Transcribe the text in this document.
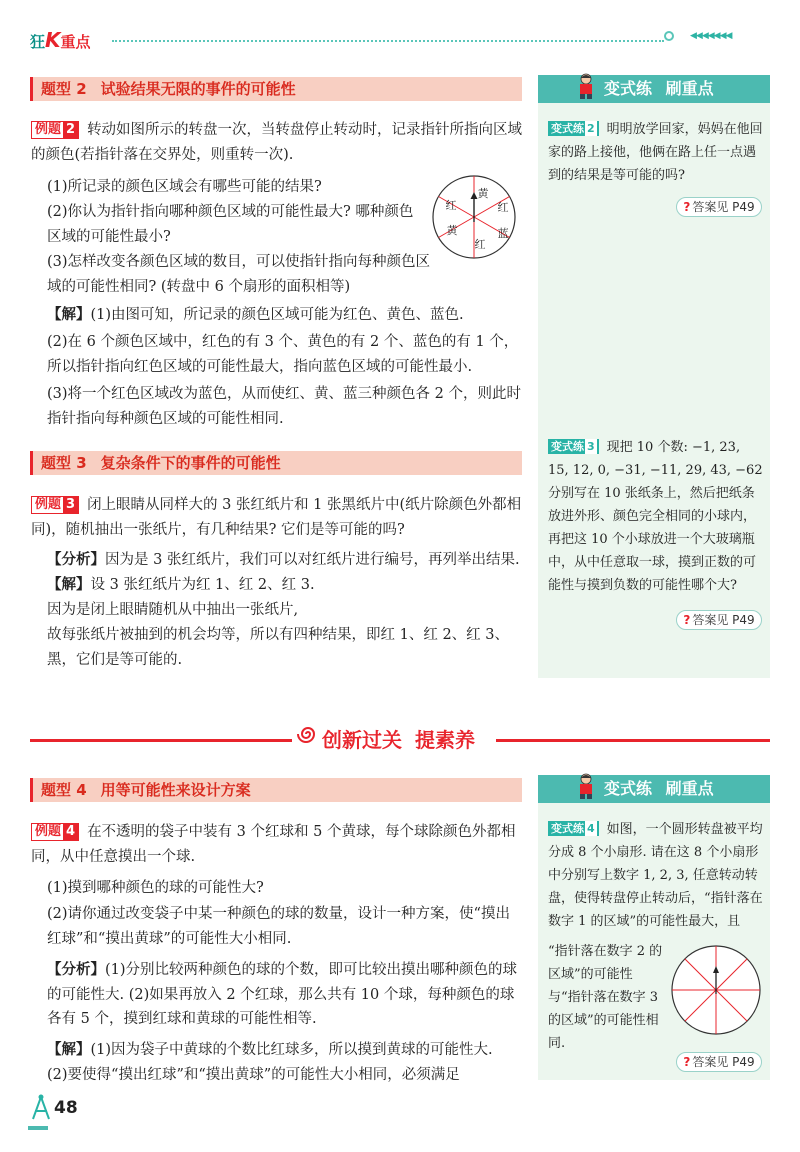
狂K重点	◀◀◀◀◀◀◀
题型 2 试验结果无限的事件的可能性
例题 2 转动如图所示的转盘一次，当转盘停止转动时，记录指针所指向区域的颜色(若指针落在交界处，则重转一次).
(1)所记录的颜色区域会有哪些可能的结果?
(2)你认为指针指向哪种颜色区域的可能性最大? 哪种颜色区域的可能性最小?
(3)怎样改变各颜色区域的数目，可以使指针指向每种颜色区域的可能性相同? (转盘中 6 个扇形的面积相等)
【解】(1)由图可知，所记录的颜色区域可能为红色、黄色、蓝色.
(2)在 6 个颜色区域中，红色的有 3 个、黄色的有 2 个、蓝色的有 1 个，所以指针指向红色区域的可能性最大，指向蓝色区域的可能性最小.
(3)将一个红色区域改为蓝色，从而使红、黄、蓝三种颜色各 2 个，则此时指针指向每种颜色区域的可能性相同.
黄
红
蓝
红
黄
红
题型 3 复杂条件下的事件的可能性
例题 3 闭上眼睛从同样大的 3 张红纸片和 1 张黑纸片中(纸片除颜色外都相同)，随机抽出一张纸片，有几种结果? 它们是等可能的吗?
【分析】因为是 3 张红纸片，我们可以对红纸片进行编号，再列举出结果.
【解】设 3 张红纸片为红 1、红 2、红 3.
因为是闭上眼睛随机从中抽出一张纸片,
故每张纸片被抽到的机会均等，所以有四种结果，即红 1、红 2、红 3、黑，它们是等可能的.
变式练 刷重点
变式练 2 明明放学回家，妈妈在他回家的路上接他，他俩在路上任一点遇到的结果是等可能的吗?
? 答案见 P49
变式练 3 现把 10 个数: −1, 23, 15, 12, 0, −31, −11, 29, 43, −62 分别写在 10 张纸条上，然后把纸条放进外形、颜色完全相同的小球内，再把这 10 个小球放进一个大玻璃瓶中，从中任意取一球，摸到正数的可能性与摸到负数的可能性哪个大?
? 答案见 P49
创新过关 提素养
题型 4 用等可能性来设计方案
例题 4 在不透明的袋子中装有 3 个红球和 5 个黄球，每个球除颜色外都相同，从中任意摸出一个球.
(1)摸到哪种颜色的球的可能性大?
(2)请你通过改变袋子中某一种颜色的球的数量，设计一种方案，使“摸出红球”和“摸出黄球”的可能性大小相同.
【分析】(1)分别比较两种颜色的球的个数，即可比较出摸出哪种颜色的球的可能性大. (2)如果再放入 2 个红球，那么共有 10 个球，每种颜色的球各有 5 个，摸到红球和黄球的可能性相等.
【解】(1)因为袋子中黄球的个数比红球多，所以摸到黄球的可能性大.
(2)要使得“摸出红球”和“摸出黄球”的可能性大小相同，必须满足
变式练 刷重点
变式练 4 如图，一个圆形转盘被平均分成 8 个小扇形. 请在这 8 个小扇形中分别写上数字 1, 2, 3, 任意转动转盘，使得转盘停止转动后，“指针落在数字 1 的区域”的可能性最大，且
“指针落在数字 2 的区域”的可能性与“指针落在数字 3 的区域”的可能性相同.
? 答案见 P49
48
